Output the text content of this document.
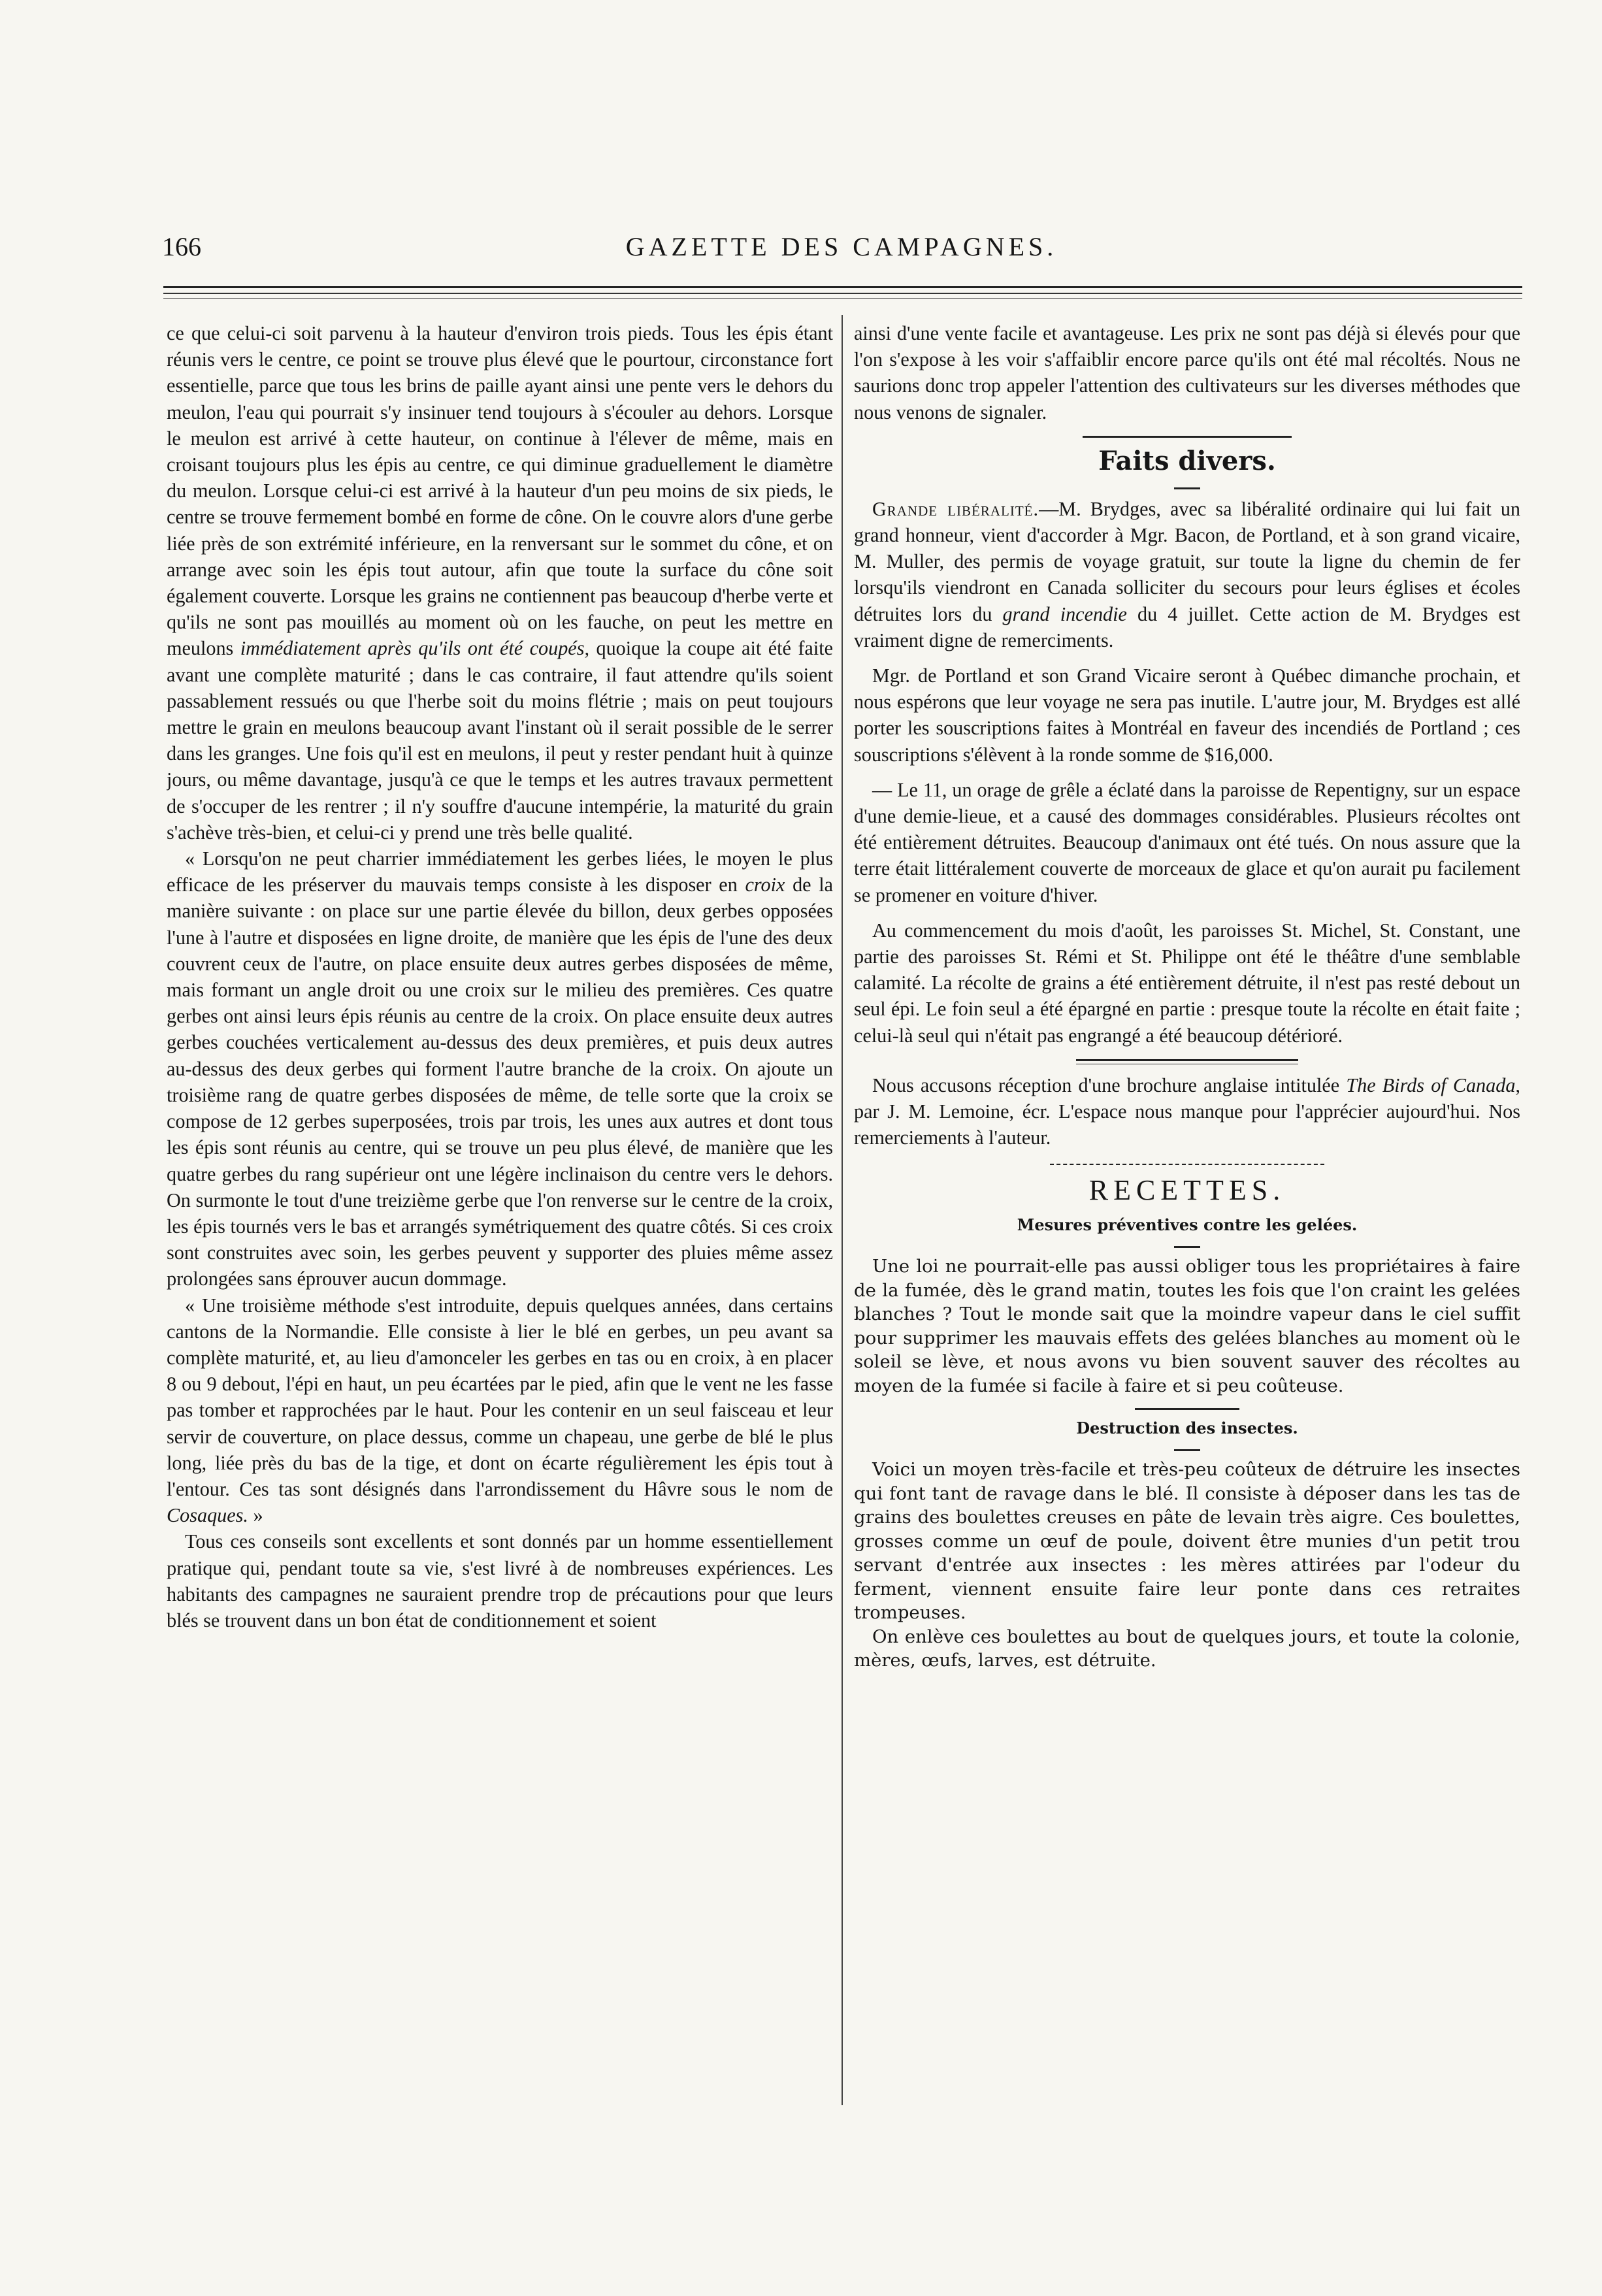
166	GAZETTE DES CAMPAGNES.

ce que celui-ci soit parvenu à la hauteur d'environ trois pieds. Tous les épis étant réunis vers le centre, ce point se trouve plus élevé que le pourtour, circonstance fort essentielle, parce que tous les brins de paille ayant ainsi une pente vers le dehors du meulon, l'eau qui pourrait s'y insinuer tend toujours à s'écouler au dehors. Lorsque le meulon est arrivé à cette hauteur, on continue à l'élever de même, mais en croisant toujours plus les épis au centre, ce qui diminue graduellement le diamètre du meulon. Lorsque celui-ci est arrivé à la hauteur d'un peu moins de six pieds, le centre se trouve fermement bombé en forme de cône. On le couvre alors d'une gerbe liée près de son extrémité inférieure, en la renversant sur le sommet du cône, et on arrange avec soin les épis tout autour, afin que toute la surface du cône soit également couverte. Lorsque les grains ne contiennent pas beaucoup d'herbe verte et qu'ils ne sont pas mouillés au moment où on les fauche, on peut les mettre en meulons immédiatement après qu'ils ont été coupés, quoique la coupe ait été faite avant une complète maturité ; dans le cas contraire, il faut attendre qu'ils soient passablement ressués ou que l'herbe soit du moins flétrie ; mais on peut toujours mettre le grain en meulons beaucoup avant l'instant où il serait possible de le serrer dans les granges. Une fois qu'il est en meulons, il peut y rester pendant huit à quinze jours, ou même davantage, jusqu'à ce que le temps et les autres travaux permettent de s'occuper de les rentrer ; il n'y souffre d'aucune intempérie, la maturité du grain s'achève très-bien, et celui-ci y prend une très belle qualité.

« Lorsqu'on ne peut charrier immédiatement les gerbes liées, le moyen le plus efficace de les préserver du mauvais temps consiste à les disposer en croix de la manière suivante : on place sur une partie élevée du billon, deux gerbes opposées l'une à l'autre et disposées en ligne droite, de manière que les épis de l'une des deux couvrent ceux de l'autre, on place ensuite deux autres gerbes disposées de même, mais formant un angle droit ou une croix sur le milieu des premières. Ces quatre gerbes ont ainsi leurs épis réunis au centre de la croix. On place ensuite deux autres gerbes couchées verticalement au-dessus des deux premières, et puis deux autres au-dessus des deux gerbes qui forment l'autre branche de la croix. On ajoute un troisième rang de quatre gerbes disposées de même, de telle sorte que la croix se compose de 12 gerbes superposées, trois par trois, les unes aux autres et dont tous les épis sont réunis au centre, qui se trouve un peu plus élevé, de manière que les quatre gerbes du rang supérieur ont une légère inclinaison du centre vers le dehors. On surmonte le tout d'une treizième gerbe que l'on renverse sur le centre de la croix, les épis tournés vers le bas et arrangés symétriquement des quatre côtés. Si ces croix sont construites avec soin, les gerbes peuvent y supporter des pluies même assez prolongées sans éprouver aucun dommage.

« Une troisième méthode s'est introduite, depuis quelques années, dans certains cantons de la Normandie. Elle consiste à lier le blé en gerbes, un peu avant sa complète maturité, et, au lieu d'amonceler les gerbes en tas ou en croix, à en placer 8 ou 9 debout, l'épi en haut, un peu écartées par le pied, afin que le vent ne les fasse pas tomber et rapprochées par le haut. Pour les contenir en un seul faisceau et leur servir de couverture, on place dessus, comme un chapeau, une gerbe de blé le plus long, liée près du bas de la tige, et dont on écarte régulièrement les épis tout à l'entour. Ces tas sont désignés dans l'arrondissement du Hâvre sous le nom de Cosaques. »

Tous ces conseils sont excellents et sont donnés par un homme essentiellement pratique qui, pendant toute sa vie, s'est livré à de nombreuses expériences. Les habitants des campagnes ne sauraient prendre trop de précautions pour que leurs blés se trouvent dans un bon état de conditionnement et soient

ainsi d'une vente facile et avantageuse. Les prix ne sont pas déjà si élevés pour que l'on s'expose à les voir s'affaiblir encore parce qu'ils ont été mal récoltés. Nous ne saurions donc trop appeler l'attention des cultivateurs sur les diverses méthodes que nous venons de signaler.

Faits divers.

Grande libéralité.—M. Brydges, avec sa libéralité ordinaire qui lui fait un grand honneur, vient d'accorder à Mgr. Bacon, de Portland, et à son grand vicaire, M. Muller, des permis de voyage gratuit, sur toute la ligne du chemin de fer lorsqu'ils viendront en Canada solliciter du secours pour leurs églises et écoles détruites lors du grand incendie du 4 juillet. Cette action de M. Brydges est vraiment digne de remerciments.

Mgr. de Portland et son Grand Vicaire seront à Québec dimanche prochain, et nous espérons que leur voyage ne sera pas inutile. L'autre jour, M. Brydges est allé porter les souscriptions faites à Montréal en faveur des incendiés de Portland ; ces souscriptions s'élèvent à la ronde somme de $16,000.

— Le 11, un orage de grêle a éclaté dans la paroisse de Repentigny, sur un espace d'une demie-lieue, et a causé des dommages considérables. Plusieurs récoltes ont été entièrement détruites. Beaucoup d'animaux ont été tués. On nous assure que la terre était littéralement couverte de morceaux de glace et qu'on aurait pu facilement se promener en voiture d'hiver.

Au commencement du mois d'août, les paroisses St. Michel, St. Constant, une partie des paroisses St. Rémi et St. Philippe ont été le théâtre d'une semblable calamité. La récolte de grains a été entièrement détruite, il n'est pas resté debout un seul épi. Le foin seul a été épargné en partie : presque toute la récolte en était faite ; celui-là seul qui n'était pas engrangé a été beaucoup détérioré.

Nous accusons réception d'une brochure anglaise intitulée The Birds of Canada, par J. M. Lemoine, écr. L'espace nous manque pour l'apprécier aujourd'hui. Nos remerciements à l'auteur.

RECETTES.
Mesures préventives contre les gelées.

Une loi ne pourrait-elle pas aussi obliger tous les propriétaires à faire de la fumée, dès le grand matin, toutes les fois que l'on craint les gelées blanches ? Tout le monde sait que la moindre vapeur dans le ciel suffit pour supprimer les mauvais effets des gelées blanches au moment où le soleil se lève, et nous avons vu bien souvent sauver des récoltes au moyen de la fumée si facile à faire et si peu coûteuse.

Destruction des insectes.

Voici un moyen très-facile et très-peu coûteux de détruire les insectes qui font tant de ravage dans le blé. Il consiste à déposer dans les tas de grains des boulettes creuses en pâte de levain très aigre. Ces boulettes, grosses comme un œuf de poule, doivent être munies d'un petit trou servant d'entrée aux insectes : les mères attirées par l'odeur du ferment, viennent ensuite faire leur ponte dans ces retraites trompeuses.

On enlève ces boulettes au bout de quelques jours, et toute la colonie, mères, œufs, larves, est détruite.
